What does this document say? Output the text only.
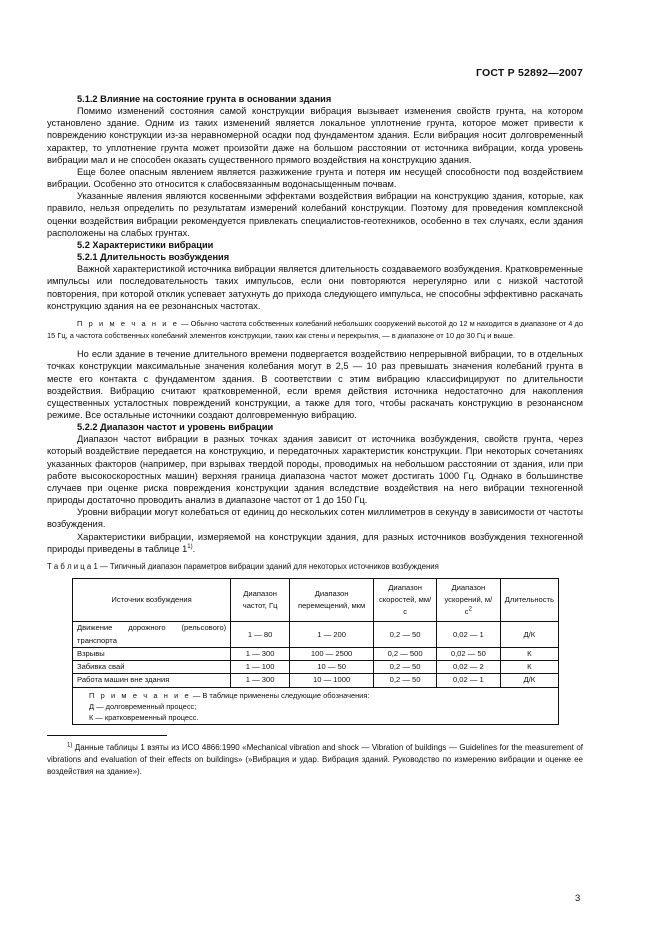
ГОСТ Р 52892—2007

5.1.2 Влияние на состояние грунта в основании здания

Помимо изменений состояния самой конструкции вибрация вызывает изменения свойств грунта, на котором установлено здание. Одним из таких изменений является локальное уплотнение грунта, которое может привести к повреждению конструкции из-за неравномерной осадки под фундаментом здания. Если вибрация носит долговременный характер, то уплотнение грунта может произойти даже на большом расстоянии от источника вибрации, когда уровень вибрации мал и не способен оказать существенного прямого воздействия на конструкцию здания.

Еще более опасным явлением является разжижение грунта и потеря им несущей способности под воздействием вибрации. Особенно это относится к слабосвязанным водонасыщенным почвам.

Указанные явления являются косвенными эффектами воздействия вибрации на конструкцию здания, которые, как правило, нельзя определить по результатам измерений колебаний конструкции. Поэтому для проведения комплексной оценки воздействия вибрации рекомендуется привлекать специалистов-геотехников, особенно в тех случаях, если здания расположены на слабых грунтах.

5.2 Характеристики вибрации

5.2.1 Длительность возбуждения

Важной характеристикой источника вибрации является длительность создаваемого возбуждения. Кратковременные импульсы или последовательность таких импульсов, если они повторяются нерегулярно или с низкой частотой повторения, при которой отклик успевает затухнуть до прихода следующего импульса, не способны эффективно раскачать конструкцию здания на ее резонансных частотах.

П р и м е ч а н и е — Обычно частота собственных колебаний небольших сооружений высотой до 12 м находится в диапазоне от 4 до 15 Гц, а частота собственных колебаний элементов конструкции, таких как стены и перекрытия, — в диапазоне от 10 до 30 Гц и выше.

Но если здание в течение длительного времени подвергается воздействию непрерывной вибрации, то в отдельных точках конструкции максимальные значения колебания могут в 2,5 — 10 раз превышать значения колебаний грунта в месте его контакта с фундаментом здания. В соответствии с этим вибрацию классифицируют по длительности воздействия. Вибрацию считают кратковременной, если время действия источника недостаточно для накопления существенных усталостных повреждений конструкции, а также для того, чтобы раскачать конструкцию в резонансном режиме. Все остальные источники создают долговременную вибрацию.

5.2.2 Диапазон частот и уровень вибрации

Диапазон частот вибрации в разных точках здания зависит от источника возбуждения, свойств грунта, через который воздействие передается на конструкцию, и передаточных характеристик конструкции. При некоторых сочетаниях указанных факторов (например, при взрывах твердой породы, проводимых на небольшом расстоянии от здания, или при работе высокоскоростных машин) верхняя граница диапазона частот может достигать 1000 Гц. Однако в большинстве случаев при оценке риска повреждения конструкции здания вследствие воздействия на него вибрации техногенной природы достаточно проводить анализ в диапазоне частот от 1 до 150 Гц.

Уровни вибрации могут колебаться от единиц до нескольких сотен миллиметров в секунду в зависимости от частоты возбуждения.

Характеристики вибрации, измеряемой на конструкции здания, для разных источников возбуждения техногенной природы приведены в таблице 1$^{1)}$.

Т а б л и ц а 1 — Типичный диапазон параметров вибрации зданий для некоторых источников возбуждения
Источник возбуждения	Диапазон частот, Гц	Диапазон перемещений, мкм	Диапазон скоростей, мм/с	Диапазон ускорений, $м/с^2$	Длительность
Движение дорожного (рельсового) транспорта	1 — 80	1 — 200	0,2 — 50	0,02 — 1	Д/К
Взрывы	1 — 300	100 — 2500	0,2 — 500	0,02 — 50	К
Забивка свай	1 — 100	10 — 50	0,2 — 50	0,02 — 2	К
Работа машин вне здания	1 — 300	10 — 1000	0,2 — 50	0,02 — 1	Д/К

П р и м е ч а н и е — В таблице применены следующие обозначения:
Д — долговременный процесс;
К — кратковременный процесс.					

$^{1)}$ Данные таблицы 1 взяты из ИСО 4866:1990 «Mechanical vibration and shock — Vibration of buildings — Guidelines for the measurement of vibrations and evaluation of their effects on buildings» (»Вибрация и удар. Вибрация зданий. Руководство по измерению вибрации и оценке ее воздействия на здание»).

3
